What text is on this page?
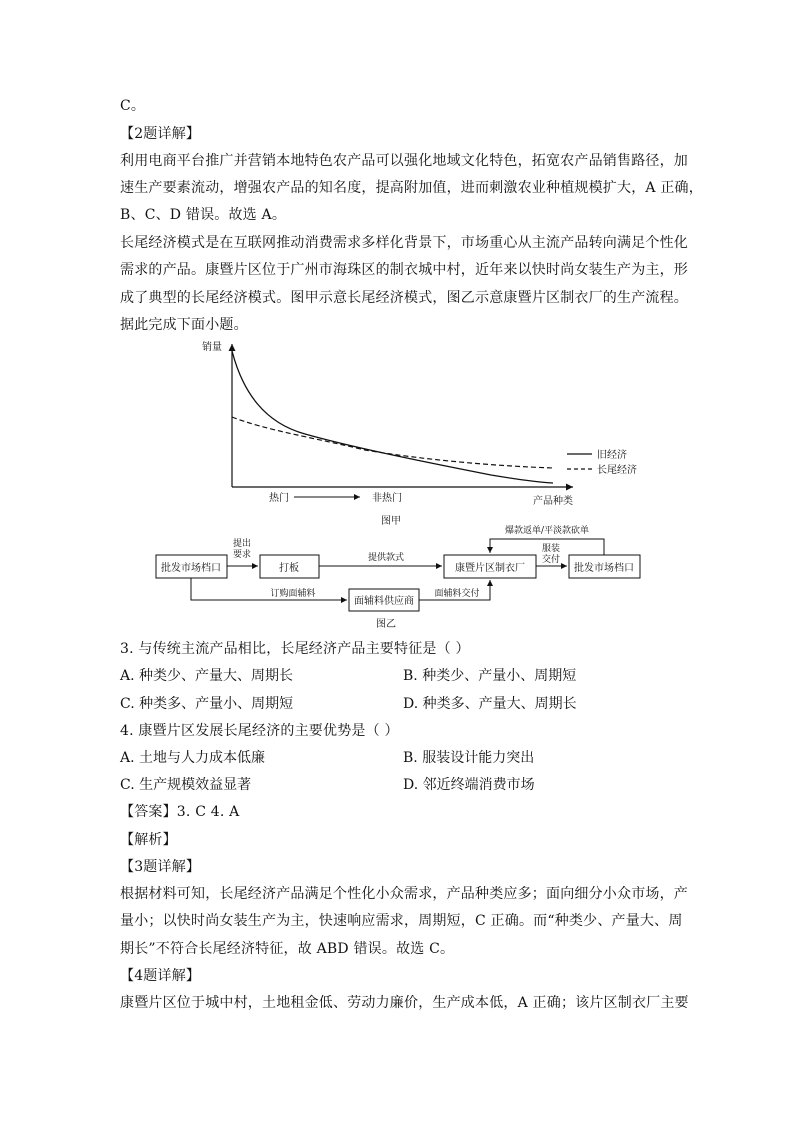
C。
【2题详解】
利用电商平台推广并营销本地特色农产品可以强化地域文化特色，拓宽农产品销售路径，加
速生产要素流动，增强农产品的知名度，提高附加值，进而刺激农业种植规模扩大，A 正确，
B、C、D 错误。故选 A。
长尾经济模式是在互联网推动消费需求多样化背景下，市场重心从主流产品转向满足个性化
需求的产品。康暨片区位于广州市海珠区的制衣城中村，近年来以快时尚女装生产为主，形
成了典型的长尾经济模式。图甲示意长尾经济模式，图乙示意康暨片区制衣厂的生产流程。
据此完成下面小题。
销量
旧经济
长尾经济
热门	非热门	产品种类
图甲
批发市场档口	打板	康暨片区制衣厂	批发市场档口
面辅料供应商
提出
要求	提供款式
服装
交付
爆款返单/平淡款砍单
订购面辅料	面辅料交付
图乙
3. 与传统主流产品相比，长尾经济产品主要特征是（ ）
A. 种类少、产量大、周期长	B. 种类少、产量小、周期短
C. 种类多、产量小、周期短	D. 种类多、产量大、周期长
4. 康暨片区发展长尾经济的主要优势是（ ）
A. 土地与人力成本低廉	B. 服装设计能力突出
C. 生产规模效益显著	D. 邻近终端消费市场
【答案】3. C 4. A
【解析】
【3题详解】
根据材料可知，长尾经济产品满足个性化小众需求，产品种类应多；面向细分小众市场，产
量小；以快时尚女装生产为主，快速响应需求，周期短，C 正确。而“种类少、产量大、周
期长”不符合长尾经济特征，故 ABD 错误。故选 C。
【4题详解】
康暨片区位于城中村，土地租金低、劳动力廉价，生产成本低，A 正确；该片区制衣厂主要
